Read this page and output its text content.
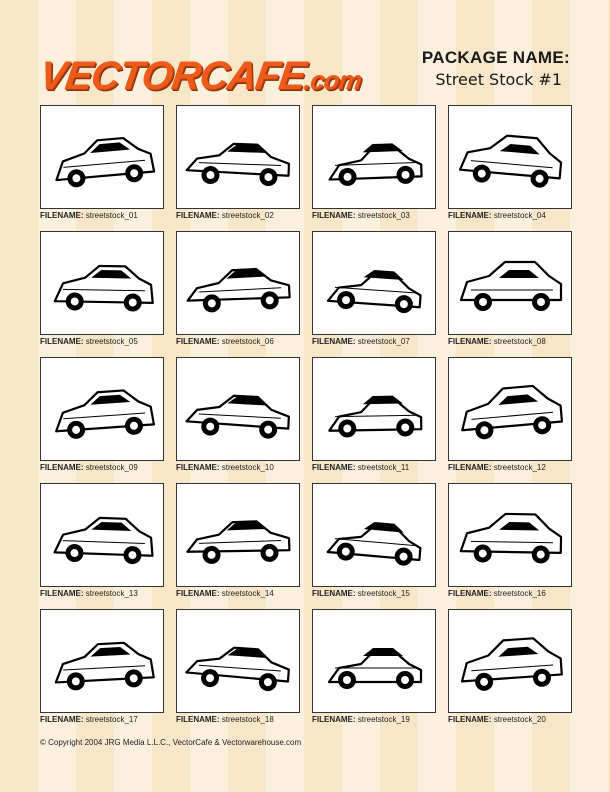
VECTORCAFE.com
PACKAGE NAME:
Street Stock #1
FILENAME: streetstock_01	FILENAME: streetstock_02	FILENAME: streetstock_03	FILENAME: streetstock_04
FILENAME: streetstock_05	FILENAME: streetstock_06	FILENAME: streetstock_07	FILENAME: streetstock_08
FILENAME: streetstock_09	FILENAME: streetstock_10	FILENAME: streetstock_11	FILENAME: streetstock_12
FILENAME: streetstock_13	FILENAME: streetstock_14	FILENAME: streetstock_15	FILENAME: streetstock_16
FILENAME: streetstock_17	FILENAME: streetstock_18	FILENAME: streetstock_19	FILENAME: streetstock_20
© Copyright 2004 JRG Media L.L.C., VectorCafe & Vectorwarehouse.com
